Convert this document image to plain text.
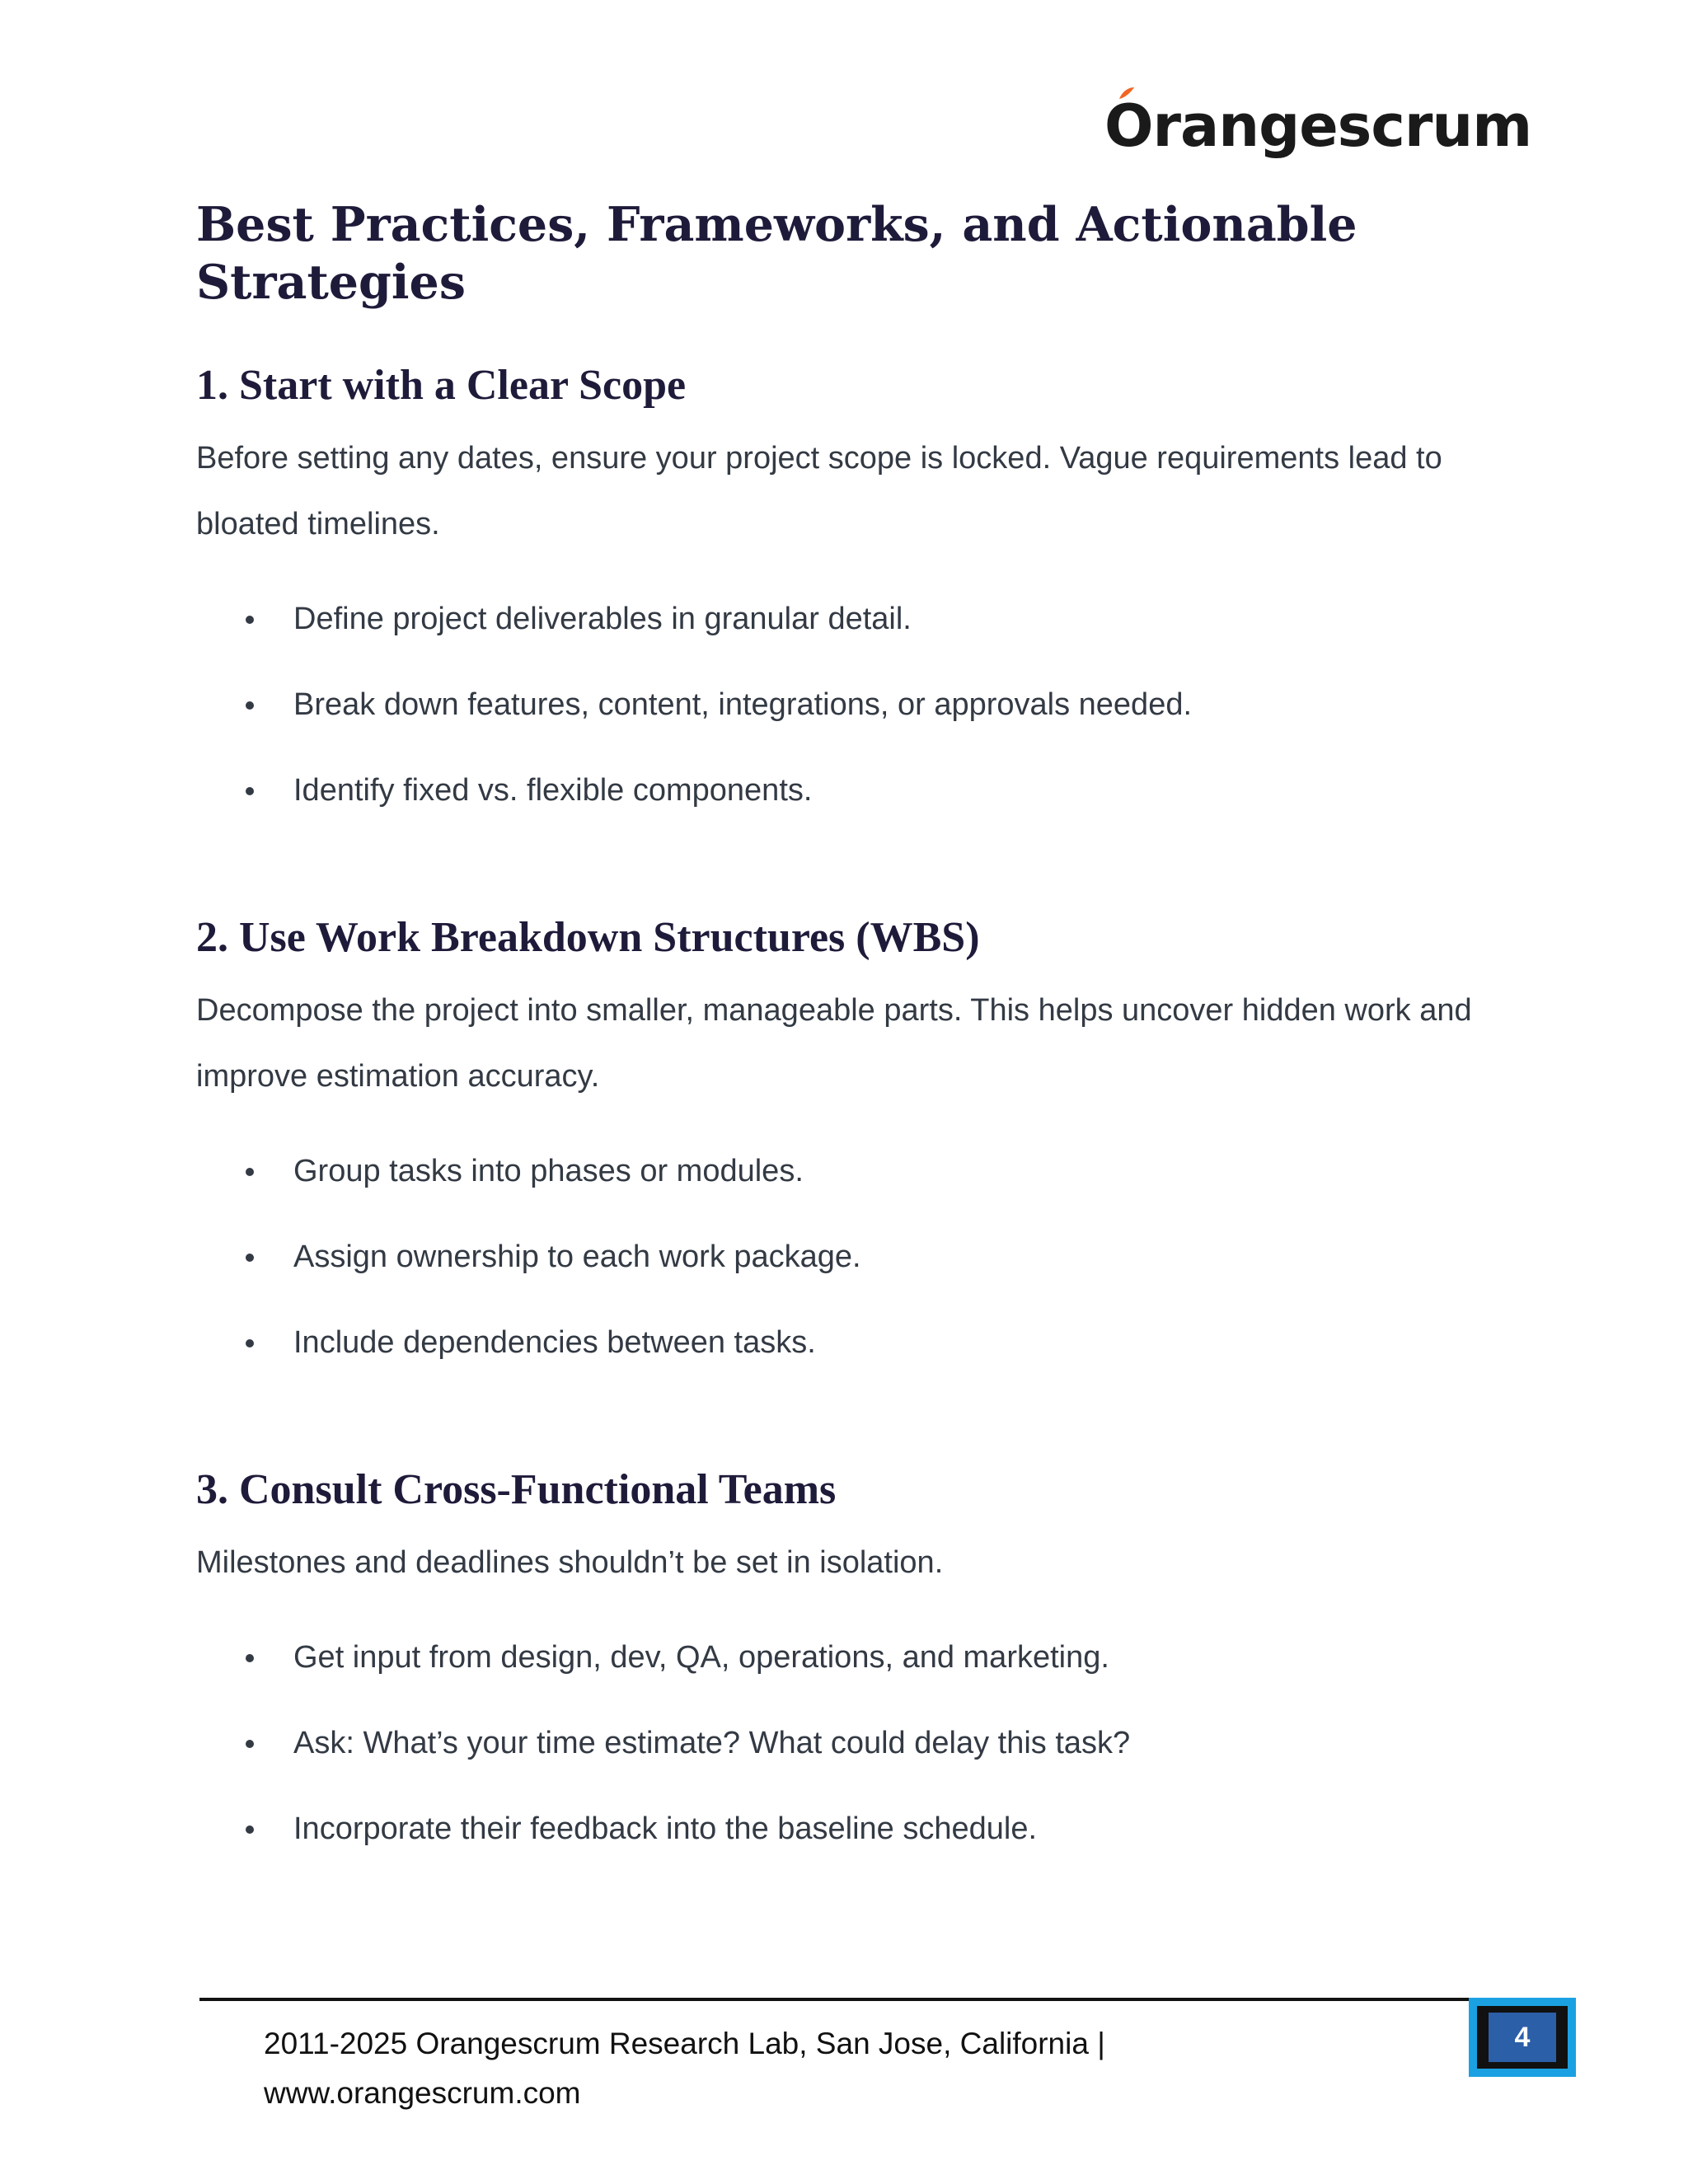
Orangescrum
Best Practices, Frameworks, and Actionable Strategies
1. Start with a Clear Scope

Before setting any dates, ensure your project scope is locked. Vague requirements lead to bloated timelines.

Define project deliverables in granular detail.
Break down features, content, integrations, or approvals needed.
Identify fixed vs. flexible components.
2. Use Work Breakdown Structures (WBS)

Decompose the project into smaller, manageable parts. This helps uncover hidden work and improve estimation accuracy.

Group tasks into phases or modules.
Assign ownership to each work package.
Include dependencies between tasks.
3. Consult Cross-Functional Teams

Milestones and deadlines shouldn’t be set in isolation.

Get input from design, dev, QA, operations, and marketing.
Ask: What’s your time estimate? What could delay this task?
Incorporate their feedback into the baseline schedule.
2011-2025 Orangescrum Research Lab, San Jose, California | www.orangescrum.com
4
